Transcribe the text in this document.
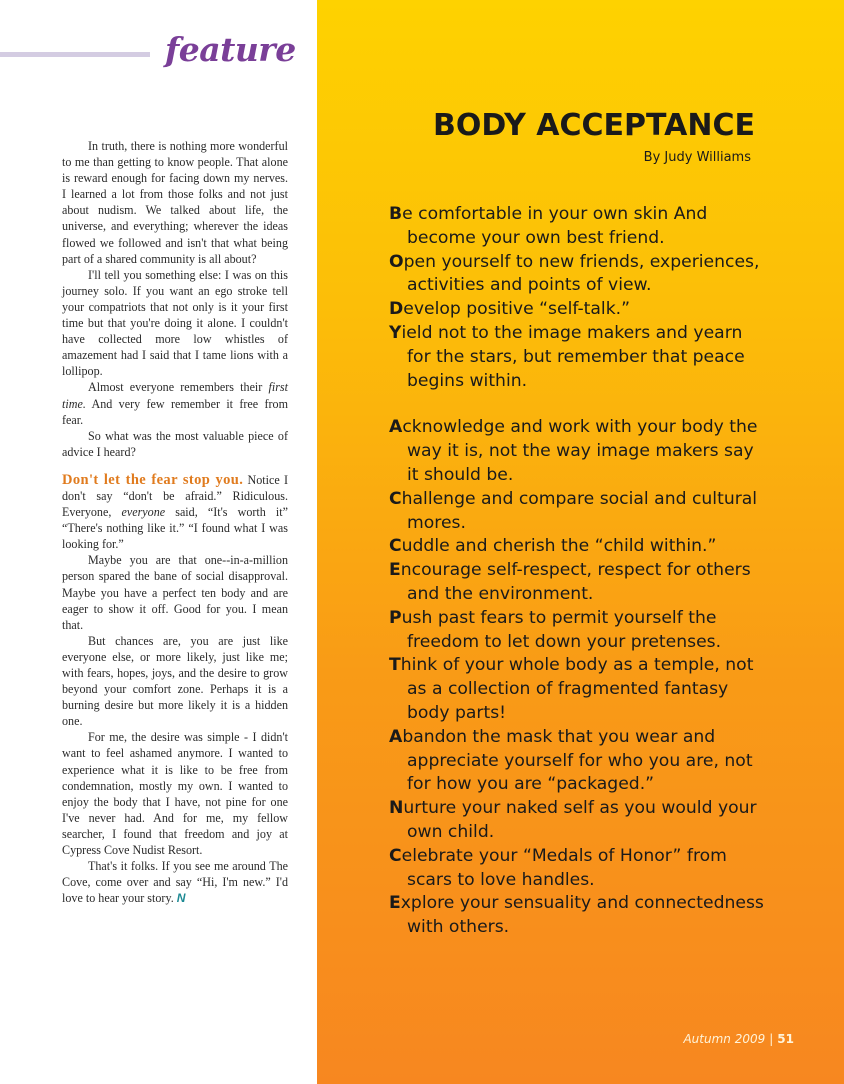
feature

In truth, there is nothing more wonderful to me than getting to know people. That alone is reward enough for facing down my nerves. I learned a lot from those folks and not just about nudism. We talked about life, the universe, and everything; wherever the ideas flowed we followed and isn't that what being part of a shared community is all about?

I'll tell you something else: I was on this journey solo. If you want an ego stroke tell your compatriots that not only is it your first time but that you're doing it alone. I couldn't have collected more low whistles of amazement had I said that I tame lions with a lollipop.

Almost everyone remembers their first time. And very few remember it free from fear.

So what was the most valuable piece of advice I heard?

Don't let the fear stop you. Notice I don't say “don't be afraid.” Ridiculous. Everyone, everyone said, “It's worth it” “There's nothing like it.” “I found what I was looking for.”

Maybe you are that one--in-a-million person spared the bane of social disapproval. Maybe you have a perfect ten body and are eager to show it off. Good for you. I mean that.

But chances are, you are just like everyone else, or more likely, just like me; with fears, hopes, joys, and the desire to grow beyond your comfort zone. Perhaps it is a burning desire but more likely it is a hidden one.

For me, the desire was simple - I didn't want to feel ashamed anymore. I wanted to experience what it is like to be free from condemnation, mostly my own. I wanted to enjoy the body that I have, not pine for one I've never had. And for me, my fellow searcher, I found that freedom and joy at Cypress Cove Nudist Resort.

That's it folks. If you see me around The Cove, come over and say “Hi, I'm new.” I'd love to hear your story. N

BODY ACCEPTANCE
By Judy Williams
Be comfortable in your own skin And become your own best friend.
Open yourself to new friends, experiences, activities and points of view.
Develop positive “self-talk.”
Yield not to the image makers and yearn for the stars, but remember that peace begins within.
Acknowledge and work with your body the way it is, not the way image makers say it should be.
Challenge and compare social and cultural mores.
Cuddle and cherish the “child within.”
Encourage self-respect, respect for others and the environment.
Push past fears to permit yourself the freedom to let down your pretenses.
Think of your whole body as a temple, not as a collection of fragmented fantasy body parts!
Abandon the mask that you wear and appreciate yourself for who you are, not for how you are “packaged.”
Nurture your naked self as you would your own child.
Celebrate your “Medals of Honor” from scars to love handles.
Explore your sensuality and connectedness with others.
Autumn 2009 | 51
